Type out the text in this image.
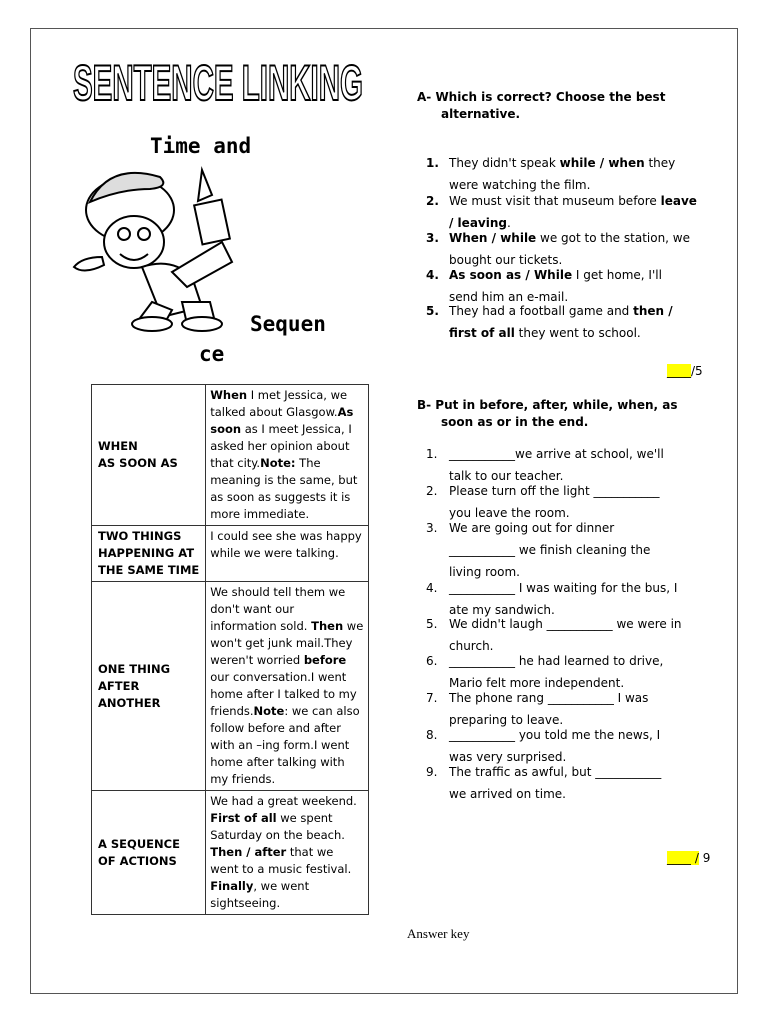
SENTENCE LINKING
Time and
Sequen
ce
WHEN
AS SOON AS	When I met Jessica, we talked about Glasgow.As soon as I meet Jessica, I asked her opinion about that city.Note: The meaning is the same, but as soon as suggests it is more immediate.
TWO THINGS HAPPENING AT THE SAME TIME	I could see she was happy while we were talking.
ONE THING AFTER ANOTHER	We should tell them we don't want our information sold. Then we won't get junk mail.They weren't worried before our conversation.I went home after I talked to my friends.Note: we can also follow before and after with an –ing form.I went home after talking with my friends.
A SEQUENCE OF ACTIONS	We had a great weekend. First of all we spent Saturday on the beach. Then / after that we went to a music festival. Finally, we went sightseeing.
A- Which is correct? Choose the best
alternative.
1. They didn't speak while / when they
were watching the film.
2. We must visit that museum before leave
/ leaving.
3. When / while we got to the station, we
bought our tickets.
4. As soon as / While I get home, I'll
send him an e-mail.
5. They had a football game and then /
first of all they went to school.
____/5
B- Put in before, after, while, when, as
soon as or in the end.
1. ___________we arrive at school, we'll
talk to our teacher.
2. Please turn off the light ___________
you leave the room.
3. We are going out for dinner
___________ we finish cleaning the
living room.
4. ___________ I was waiting for the bus, I
ate my sandwich.
5. We didn't laugh ___________ we were in
church.
6. ___________ he had learned to drive,
Mario felt more independent.
7. The phone rang ___________ I was
preparing to leave.
8. ___________ you told me the news, I
was very surprised.
9. The traffic as awful, but ___________
we arrived on time.
____ / 9
Answer key
